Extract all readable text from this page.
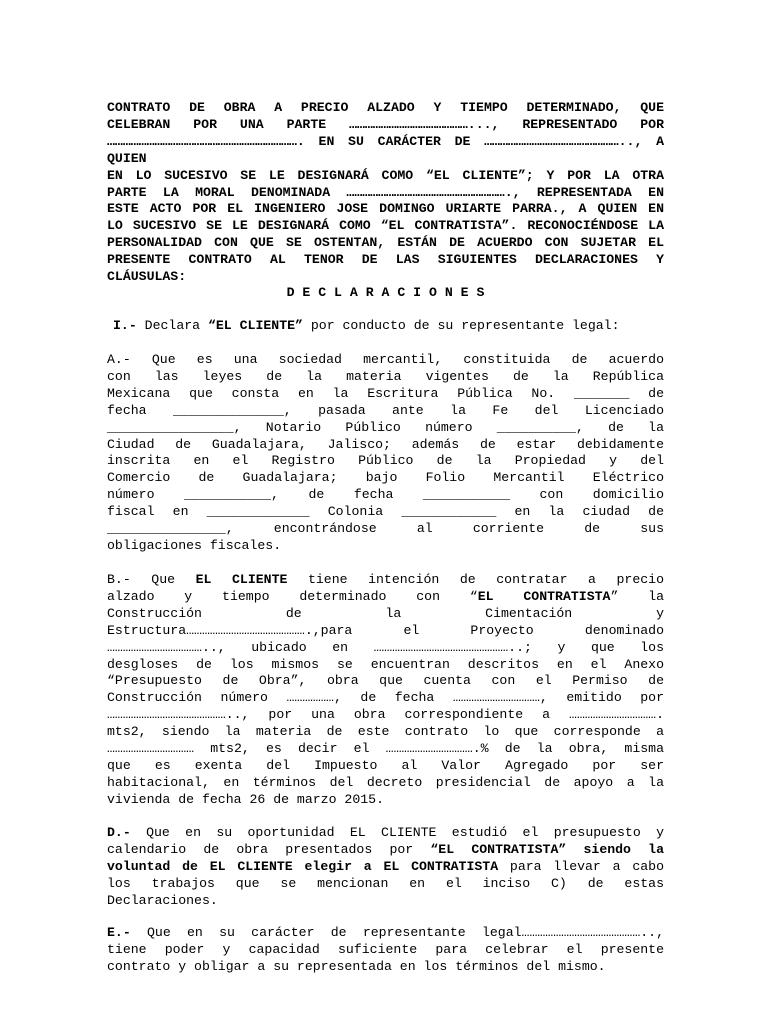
CONTRATO DE OBRA A PRECIO ALZADO Y TIEMPO DETERMINADO, QUE
CELEBRAN POR UNA PARTE ………………………………………..., REPRESENTADO POR
………………………………………………………………. EN SU CARÁCTER DE …………………………………………….., A QUIEN
EN LO SUCESIVO SE LE DESIGNARÁ COMO “EL CLIENTE”; Y POR LA OTRA
PARTE LA MORAL DENOMINADA ……………………………………………………., REPRESENTADA EN
ESTE ACTO POR EL INGENIERO JOSE DOMINGO URIARTE PARRA., A QUIEN EN
LO SUCESIVO SE LE DESIGNARÁ COMO “EL CONTRATISTA”. RECONOCIÉNDOSE LA
PERSONALIDAD CON QUE SE OSTENTAN, ESTÁN DE ACUERDO CON SUJETAR EL
PRESENTE CONTRATO AL TENOR DE LAS SIGUIENTES DECLARACIONES Y
CLÁUSULAS:
D E C L A R A C I O N E S
I.- Declara “EL CLIENTE” por conducto de su representante legal:
A.- Que es una sociedad mercantil, constituida de acuerdo
con las leyes de la materia vigentes de la República
Mexicana que consta en la Escritura Pública No. _______ de
fecha ______________, pasada ante la Fe del Licenciado
________________, Notario Público número __________, de la
Ciudad de Guadalajara, Jalisco; además de estar debidamente
inscrita en el Registro Público de la Propiedad y del
Comercio de Guadalajara; bajo Folio Mercantil Eléctrico
número ___________, de fecha ___________ con domicilio
fiscal en _____________ Colonia ____________ en la ciudad de
_______________, encontrándose al corriente de sus
obligaciones fiscales.
B.- Que EL CLIENTE tiene intención de contratar a precio
alzado y tiempo determinado con “EL CONTRATISTA” la
Construcción de la Cimentación y
Estructura……………………………………….,para el Proyecto denominado
……………………………….., ubicado en ……………………………………………..; y que los
desgloses de los mismos se encuentran descritos en el Anexo
“Presupuesto de Obra”, obra que cuenta con el Permiso de
Construcción número ………………, de fecha ……………………………, emitido por
……………………………………….., por una obra correspondiente a …………………………….
mts2, siendo la materia de este contrato lo que corresponde a
…………………………… mts2, es decir el …………………………….% de la obra, misma
que es exenta del Impuesto al Valor Agregado por ser
habitacional, en términos del decreto presidencial de apoyo a la
vivienda de fecha 26 de marzo 2015.
D.- Que en su oportunidad EL CLIENTE estudió el presupuesto y
calendario de obra presentados por “EL CONTRATISTA” siendo la
voluntad de EL CLIENTE elegir a EL CONTRATISTA para llevar a cabo
los trabajos que se mencionan en el inciso C) de estas
Declaraciones.
E.- Que en su carácter de representante legal………………………………………..,
tiene poder y capacidad suficiente para celebrar el presente
contrato y obligar a su representada en los términos del mismo.
